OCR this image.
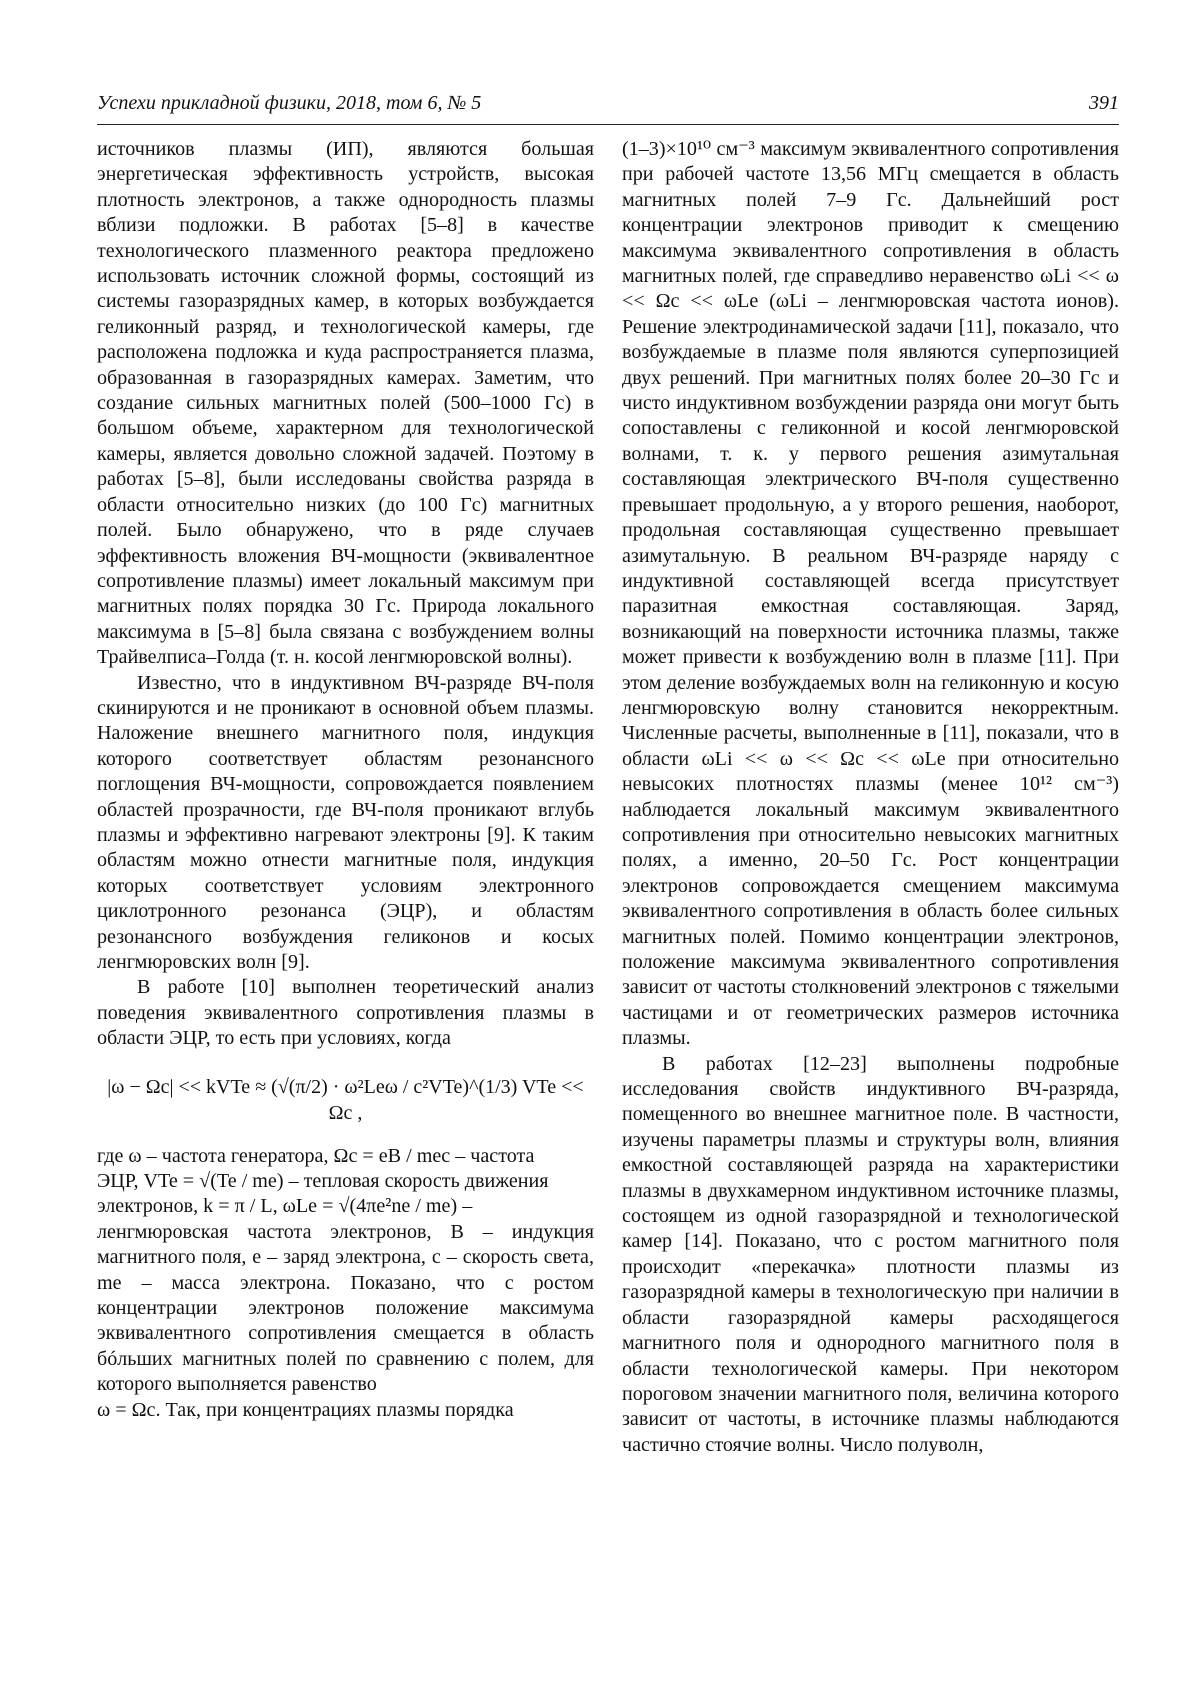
Успехи прикладной физики, 2018, том 6, № 5	391

источников плазмы (ИП), являются большая энергетическая эффективность устройств, высокая плотность электронов, а также однородность плазмы вблизи подложки. В работах [5–8] в качестве технологического плазменного реактора предложено использовать источник сложной формы, состоящий из системы газоразрядных камер, в которых возбуждается геликонный разряд, и технологической камеры, где расположена подложка и куда распространяется плазма, образованная в газоразрядных камерах. Заметим, что создание сильных магнитных полей (500–1000 Гс) в большом объеме, характерном для технологической камеры, является довольно сложной задачей. Поэтому в работах [5–8], были исследованы свойства разряда в области относительно низких (до 100 Гс) магнитных полей. Было обнаружено, что в ряде случаев эффективность вложения ВЧ-мощности (эквивалентное сопротивление плазмы) имеет локальный максимум при магнитных полях порядка 30 Гс. Природа локального максимума в [5–8] была связана с возбуждением волны Трайвелписа–Голда (т. н. косой ленгмюровской волны).

Известно, что в индуктивном ВЧ-разряде ВЧ-поля скинируются и не проникают в основной объем плазмы. Наложение внешнего магнитного поля, индукция которого соответствует областям резонансного поглощения ВЧ-мощности, сопровождается появлением областей прозрачности, где ВЧ-поля проникают вглубь плазмы и эффективно нагревают электроны [9]. К таким областям можно отнести магнитные поля, индукция которых соответствует условиям электронного циклотронного резонанса (ЭЦР), и областям резонансного возбуждения геликонов и косых ленгмюровских волн [9].

В работе [10] выполнен теоретический анализ поведения эквивалентного сопротивления плазмы в области ЭЦР, то есть при условиях, когда

|ω − Ωc| << kVTe ≈ (√(π/2) · ω²Leω / c²VTe)^(1/3) VTe << Ωc ,

где ω – частота генератора, Ωc = eB / mec – частота
ЭЦР, VTe = √(Te / me) – тепловая скорость движения
электронов, k = π / L, ωLe = √(4πe²ne / me) –
ленгмюровская частота электронов, B – индукция магнитного поля, e – заряд электрона, c – скорость света, me – масса электрона. Показано, что с ростом концентрации электронов положение максимума эквивалентного сопротивления смещается в область бóльших магнитных полей по сравнению с полем, для которого выполняется равенство
ω = Ωc. Так, при концентрациях плазмы порядка

(1–3)×10¹⁰ см⁻³ максимум эквивалентного сопротивления при рабочей частоте 13,56 МГц смещается в область магнитных полей 7–9 Гс. Дальнейший рост концентрации электронов приводит к смещению максимума эквивалентного сопротивления в область магнитных полей, где справедливо неравенство ωLi << ω << Ωc << ωLe (ωLi – ленгмюровская частота ионов). Решение электродинамической задачи [11], показало, что возбуждаемые в плазме поля являются суперпозицией двух решений. При магнитных полях более 20–30 Гс и чисто индуктивном возбуждении разряда они могут быть сопоставлены с геликонной и косой ленгмюровской волнами, т. к. у первого решения азимутальная составляющая электрического ВЧ-поля существенно превышает продольную, а у второго решения, наоборот, продольная составляющая существенно превышает азимутальную. В реальном ВЧ-разряде наряду с индуктивной составляющей всегда присутствует паразитная емкостная составляющая. Заряд, возникающий на поверхности источника плазмы, также может привести к возбуждению волн в плазме [11]. При этом деление возбуждаемых волн на геликонную и косую ленгмюровскую волну становится некорректным. Численные расчеты, выполненные в [11], показали, что в области ωLi << ω << Ωc << ωLe при относительно невысоких плотностях плазмы (менее 10¹² см⁻³) наблюдается локальный максимум эквивалентного сопротивления при относительно невысоких магнитных полях, а именно, 20–50 Гс. Рост концентрации электронов сопровождается смещением максимума эквивалентного сопротивления в область более сильных магнитных полей. Помимо концентрации электронов, положение максимума эквивалентного сопротивления зависит от частоты столкновений электронов с тяжелыми частицами и от геометрических размеров источника плазмы.

В работах [12–23] выполнены подробные исследования свойств индуктивного ВЧ-разряда, помещенного во внешнее магнитное поле. В частности, изучены параметры плазмы и структуры волн, влияния емкостной составляющей разряда на характеристики плазмы в двухкамерном индуктивном источнике плазмы, состоящем из одной газоразрядной и технологической камер [14]. Показано, что с ростом магнитного поля происходит «перекачка» плотности плазмы из газоразрядной камеры в технологическую при наличии в области газоразрядной камеры расходящегося магнитного поля и однородного магнитного поля в области технологической камеры. При некотором пороговом значении магнитного поля, величина которого зависит от частоты, в источнике плазмы наблюдаются частично стоячие волны. Число полуволн,
